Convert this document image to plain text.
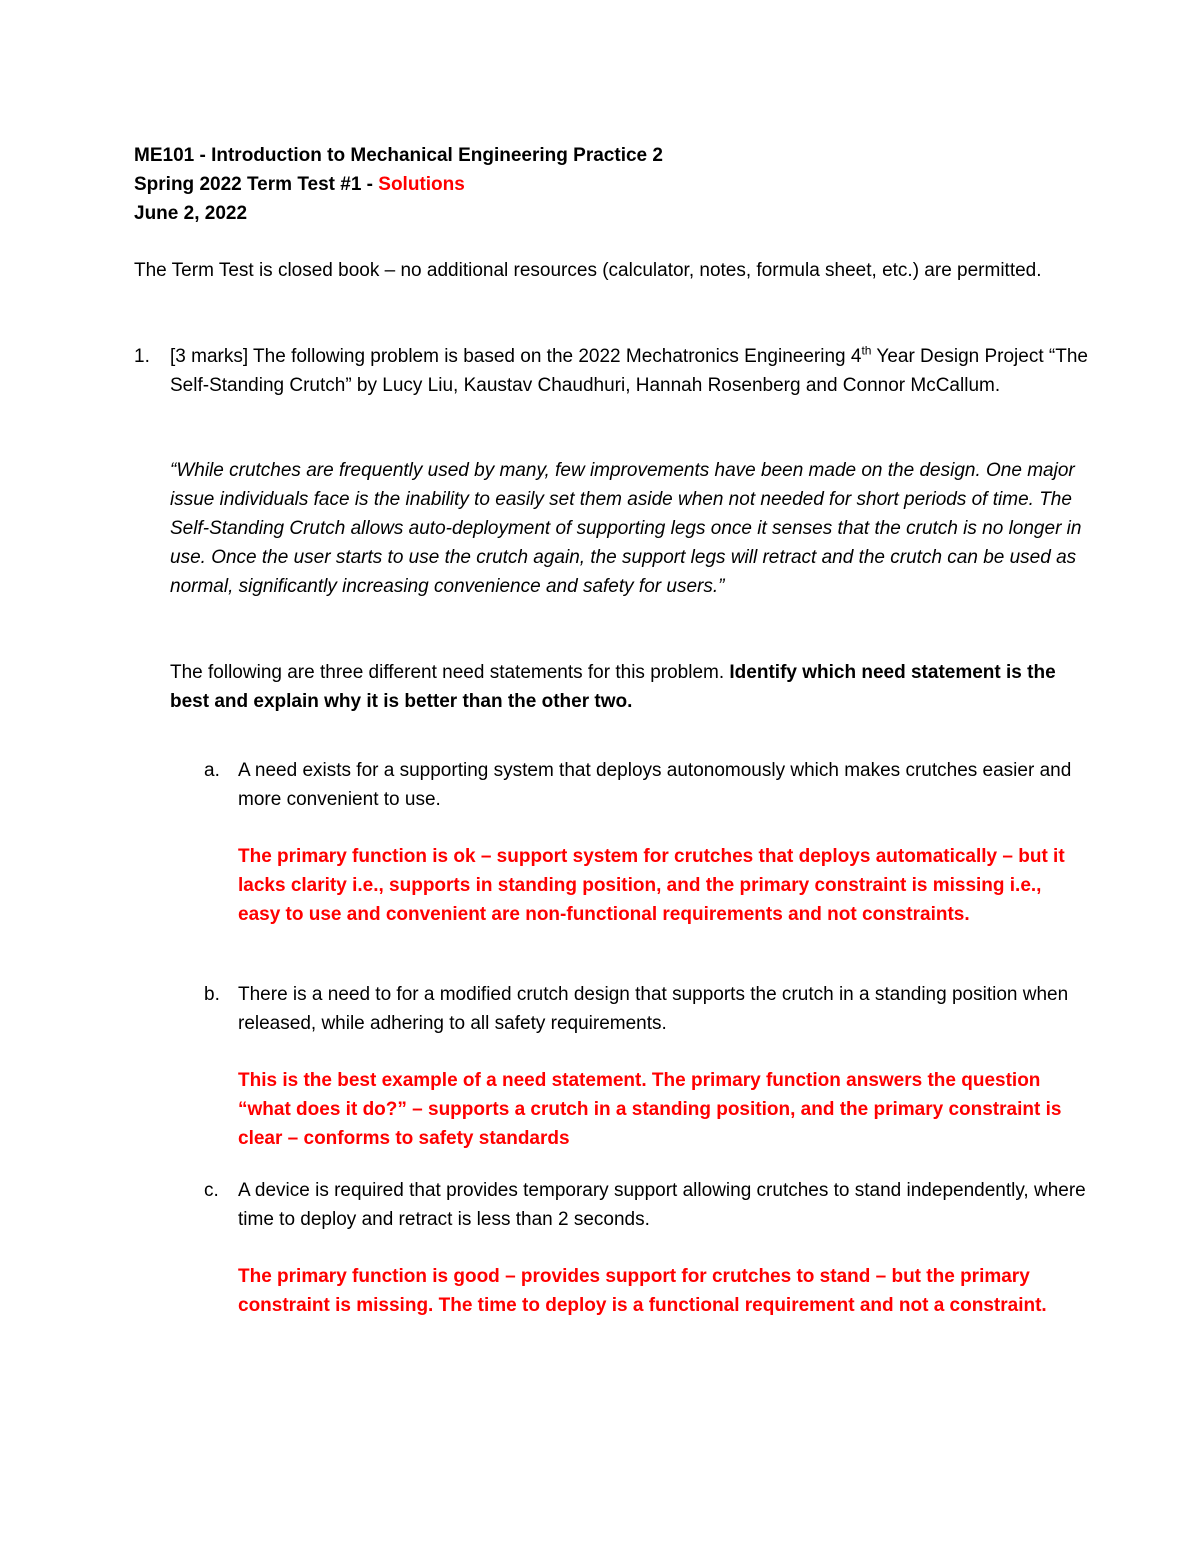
ME101 - Introduction to Mechanical Engineering Practice 2
Spring 2022 Term Test #1 - Solutions
June 2, 2022
The Term Test is closed book – no additional resources (calculator, notes, formula sheet, etc.) are permitted.
1. [3 marks] The following problem is based on the 2022 Mechatronics Engineering 4th Year Design Project “The Self-Standing Crutch” by Lucy Liu, Kaustav Chaudhuri, Hannah Rosenberg and Connor McCallum.
“While crutches are frequently used by many, few improvements have been made on the design. One major issue individuals face is the inability to easily set them aside when not needed for short periods of time. The Self-Standing Crutch allows auto-deployment of supporting legs once it senses that the crutch is no longer in use. Once the user starts to use the crutch again, the support legs will retract and the crutch can be used as normal, significantly increasing convenience and safety for users.”
The following are three different need statements for this problem. Identify which need statement is the best and explain why it is better than the other two.
a. A need exists for a supporting system that deploys autonomously which makes crutches easier and more convenient to use.
The primary function is ok – support system for crutches that deploys automatically – but it lacks clarity i.e., supports in standing position, and the primary constraint is missing i.e., easy to use and convenient are non-functional requirements and not constraints.
b. There is a need to for a modified crutch design that supports the crutch in a standing position when released, while adhering to all safety requirements.
This is the best example of a need statement. The primary function answers the question “what does it do?” – supports a crutch in a standing position, and the primary constraint is clear – conforms to safety standards
c. A device is required that provides temporary support allowing crutches to stand independently, where time to deploy and retract is less than 2 seconds.
The primary function is good – provides support for crutches to stand – but the primary constraint is missing. The time to deploy is a functional requirement and not a constraint.
